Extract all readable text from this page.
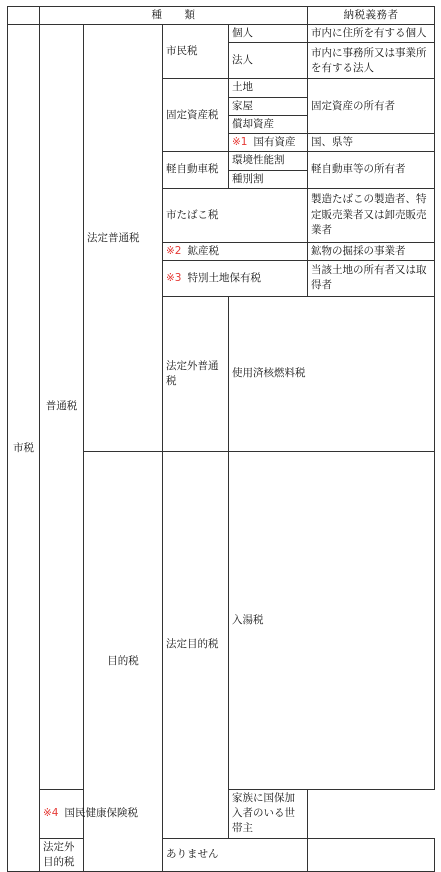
	種　　類				納税義務者	
市税	普通税	法定普通税	市民税	個人	市内に住所を有する個人	
				法人	市内に事務所又は事業所を有する法人	
			固定資産税	土地	固定資産の所有者	
				家屋		
				償却資産		
				※1 国有資産	国、県等	
			軽自動車税	環境性能割	軽自動車等の所有者	
				種別割		
			市たばこ税		製造たばこの製造者、特定販売業者又は卸売販売業者	
			※2 鉱産税		鉱物の掘採の事業者	
			※3 特別土地保有税		当該土地の所有者又は取得者	
			法定外普通税	使用済核燃料税	
		目的税	法定目的税	入湯税	
	※4 国民健康保険税			家族に国保加入者のいる世帯主		
	法定外目的税		ありません			
